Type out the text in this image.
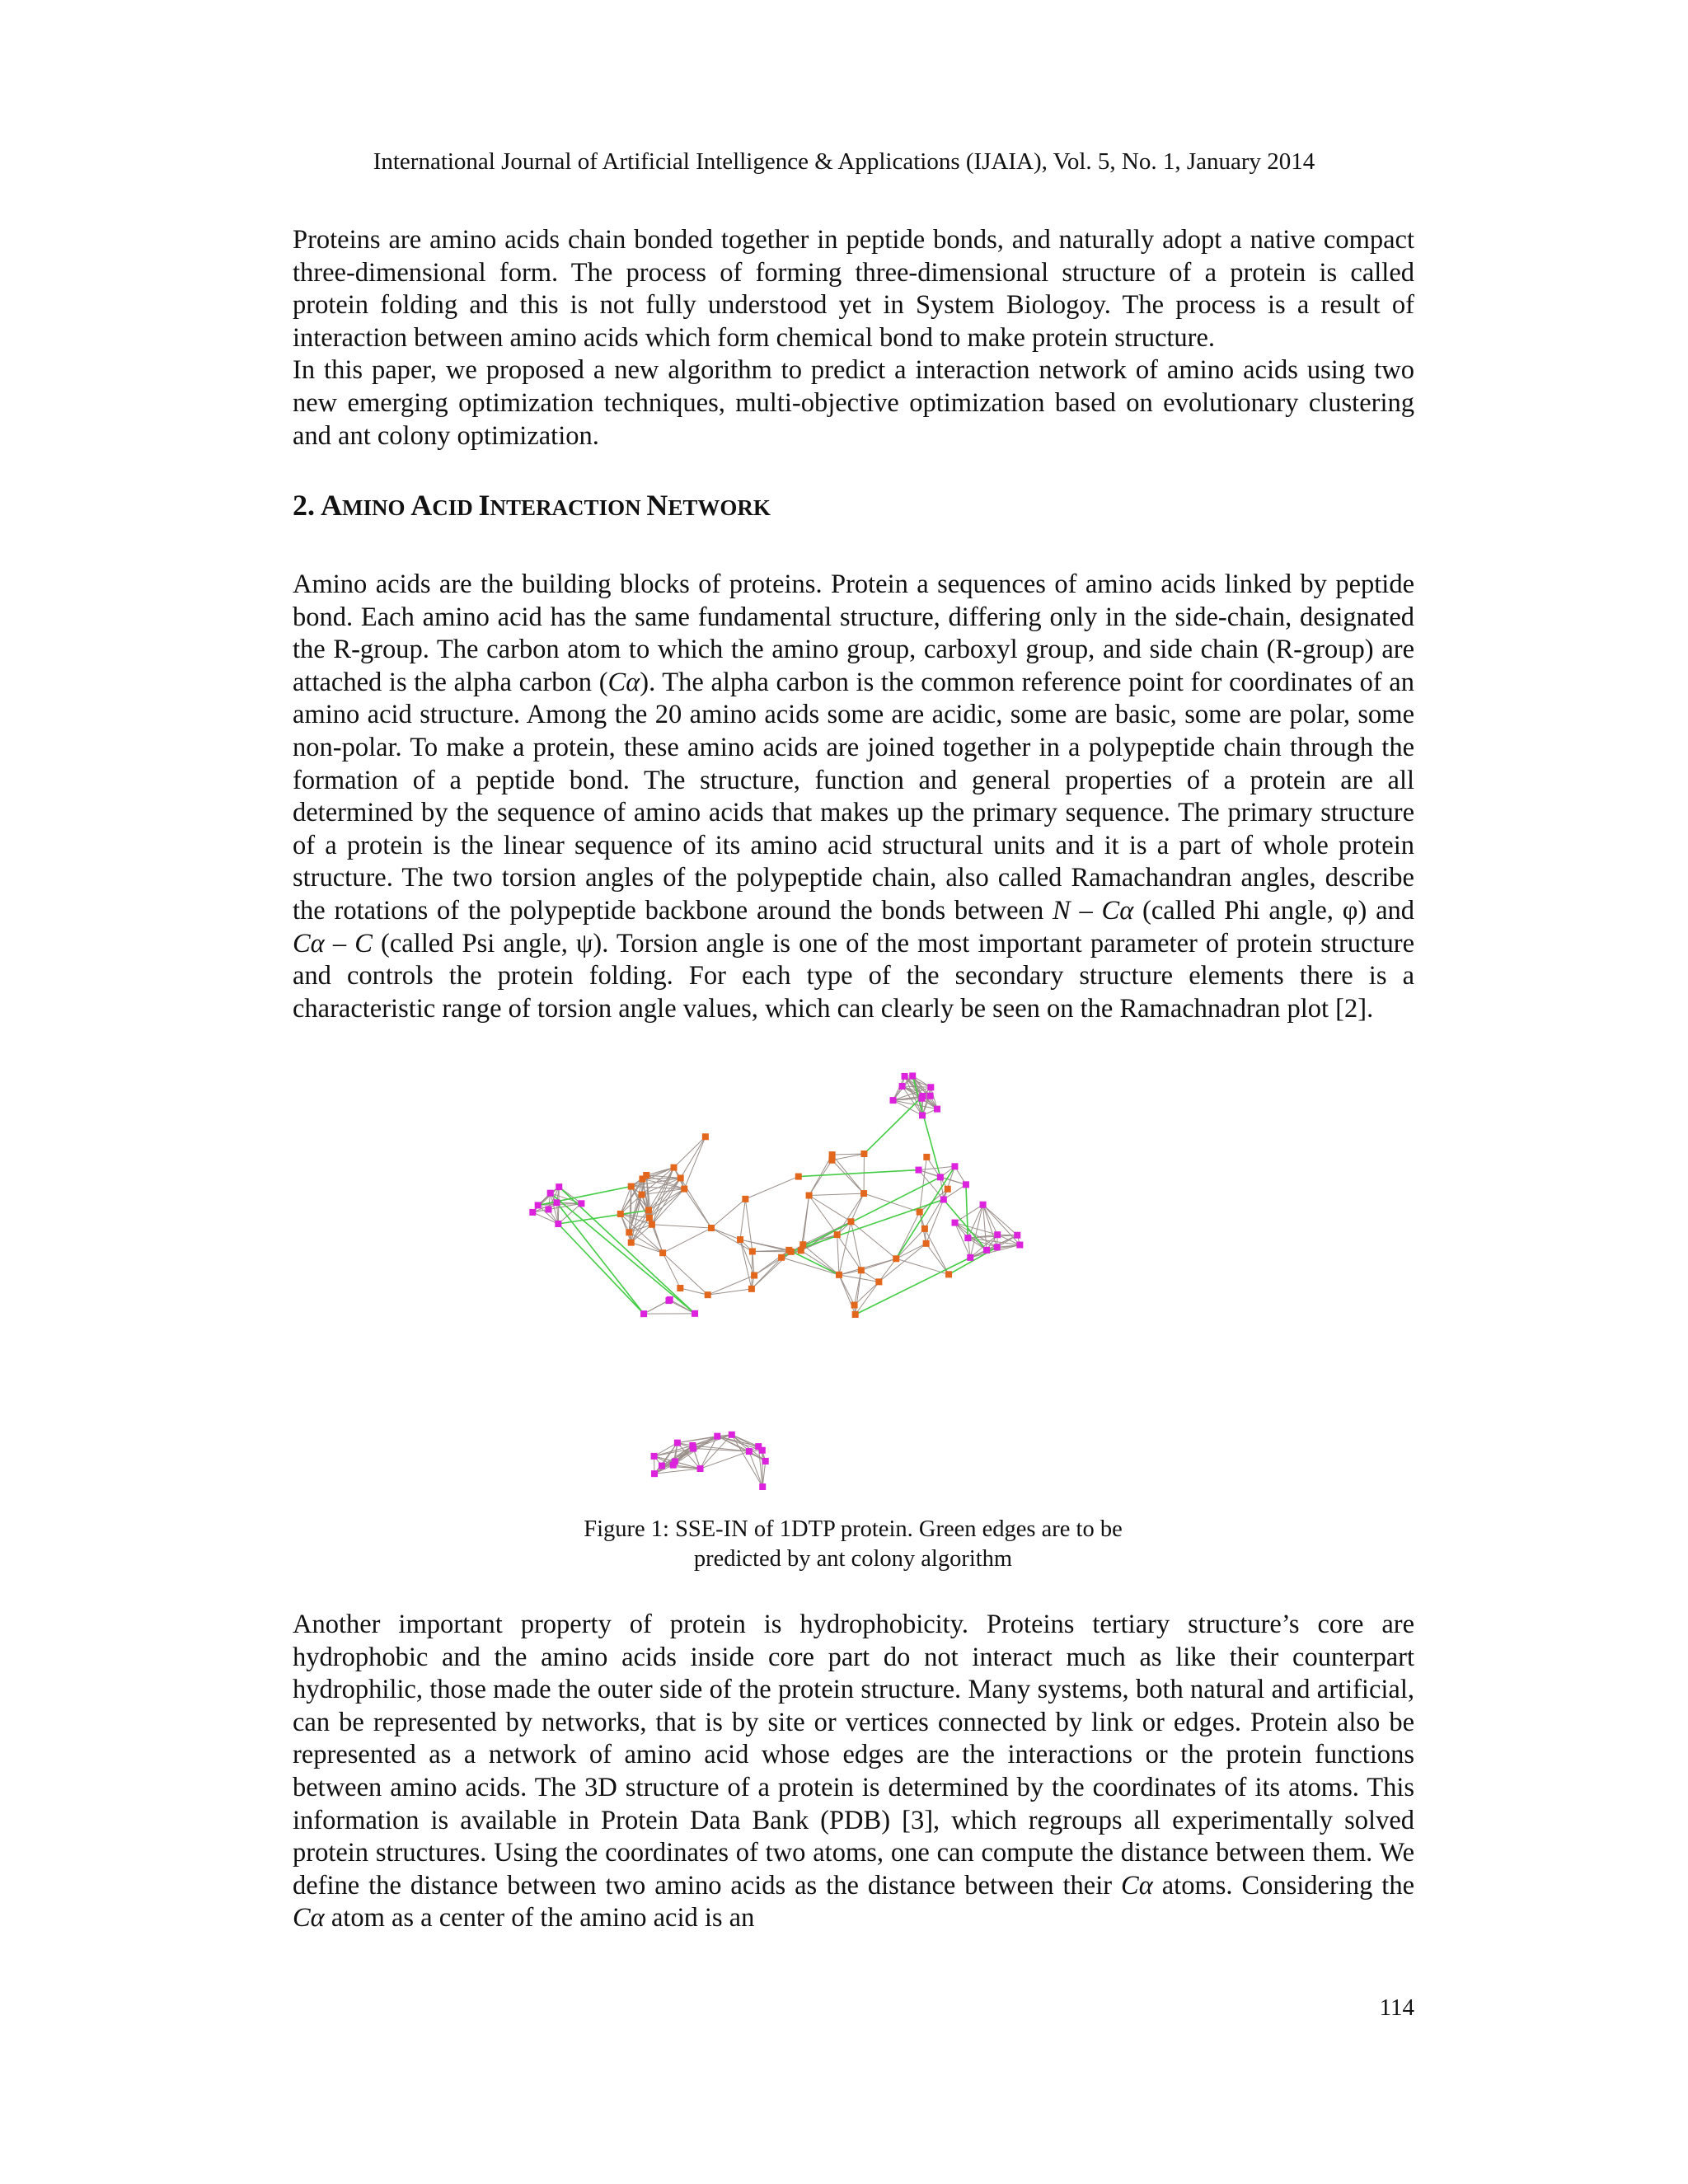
International Journal of Artificial Intelligence & Applications (IJAIA), Vol. 5, No. 1, January 2014

Proteins are amino acids chain bonded together in peptide bonds, and naturally adopt a native compact three-dimensional form. The process of forming three-dimensional structure of a protein is called protein folding and this is not fully understood yet in System Biologoy. The process is a result of interaction between amino acids which form chemical bond to make protein structure.

In this paper, we proposed a new algorithm to predict a interaction network of amino acids using two new emerging optimization techniques, multi-objective optimization based on evolutionary clustering and ant colony optimization.

2. AMINO ACID INTERACTION NETWORK
Amino acids are the building blocks of proteins. Protein a sequences of amino acids linked by peptide bond. Each amino acid has the same fundamental structure, differing only in the side-chain, designated the R-group. The carbon atom to which the amino group, carboxyl group, and side chain (R-group) are attached is the alpha carbon (Cα). The alpha carbon is the common reference point for coordinates of an amino acid structure. Among the 20 amino acids some are acidic, some are basic, some are polar, some non-polar. To make a protein, these amino acids are joined together in a polypeptide chain through the formation of a peptide bond. The structure, function and general properties of a protein are all determined by the sequence of amino acids that makes up the primary sequence. The primary structure of a protein is the linear sequence of its amino acid structural units and it is a part of whole protein structure. The two torsion angles of the polypeptide chain, also called Ramachandran angles, describe the rotations of the polypeptide backbone around the bonds between N – Cα (called Phi angle, φ) and Cα – C (called Psi angle, ψ). Torsion angle is one of the most important parameter of protein structure and controls the protein folding. For each type of the secondary structure elements there is a characteristic range of torsion angle values, which can clearly be seen on the Ramachnadran plot [2].
Figure 1: SSE-IN of 1DTP protein. Green edges are to be
predicted by ant colony algorithm
Another important property of protein is hydrophobicity. Proteins tertiary structure’s core are hydrophobic and the amino acids inside core part do not interact much as like their counterpart hydrophilic, those made the outer side of the protein structure. Many systems, both natural and artificial, can be represented by networks, that is by site or vertices connected by link or edges. Protein also be represented as a network of amino acid whose edges are the interactions or the protein functions between amino acids. The 3D structure of a protein is determined by the coordinates of its atoms. This information is available in Protein Data Bank (PDB) [3], which regroups all experimentally solved protein structures. Using the coordinates of two atoms, one can compute the distance between them. We define the distance between two amino acids as the distance between their Cα atoms. Considering the Cα atom as a center of the amino acid is an
114
